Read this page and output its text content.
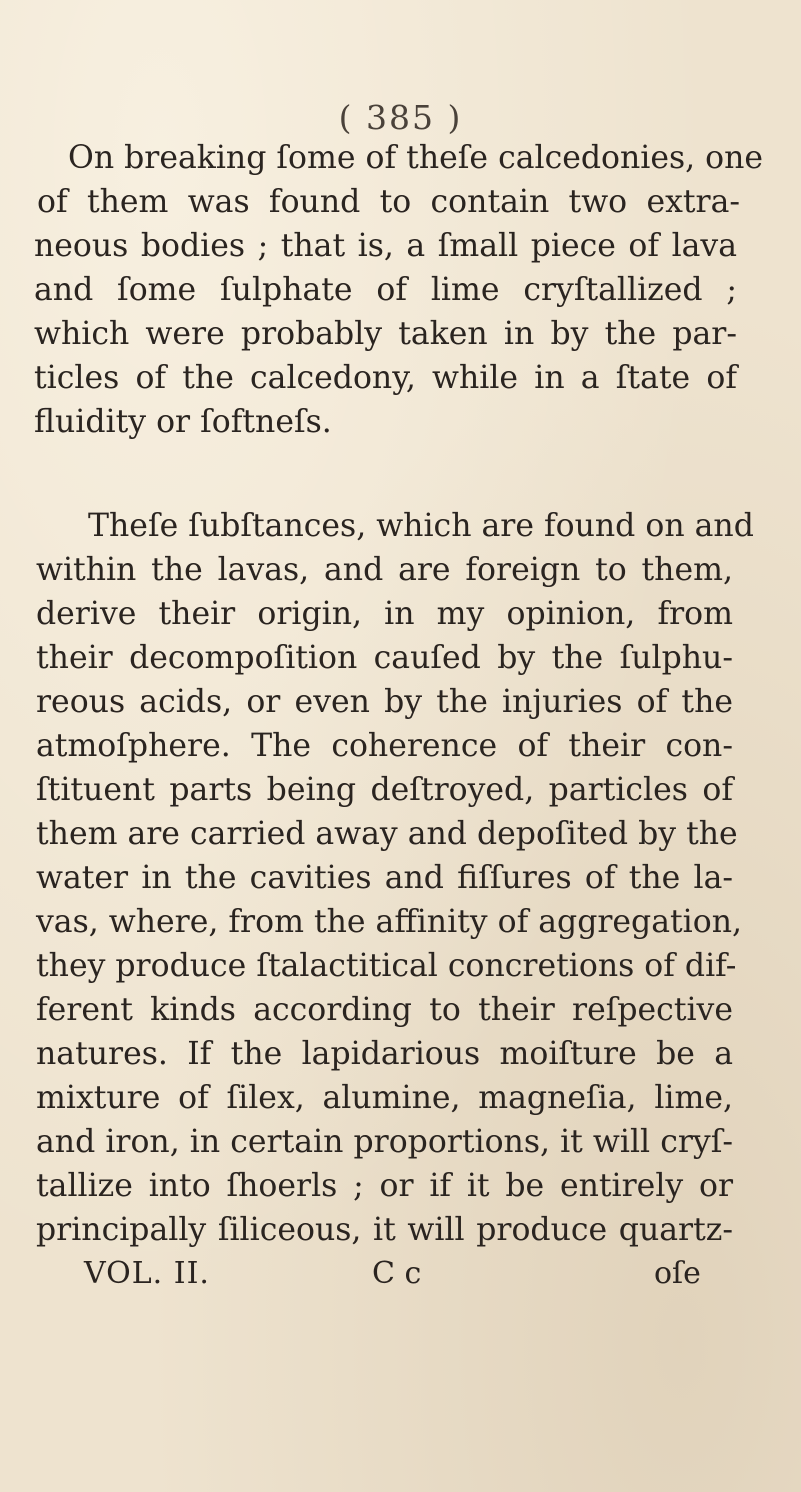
( 385 )
On breaking ſome of theſe calcedonies, one
of them was found to contain two extra-
neous bodies ; that is, a ſmall piece of lava
and ſome ſulphate of lime cryſtallized ;
which were probably taken in by the par-
ticles of the calcedony, while in a ſtate of
fluidity or ſoftneſs.
Theſe ſubſtances, which are found on and
within the lavas, and are foreign to them,
derive their origin, in my opinion, from
their decompoſition cauſed by the ſulphu-
reous acids, or even by the injuries of the
atmoſphere. The coherence of their con-
ſtituent parts being deſtroyed, particles of
them are carried away and depoſited by the
water in the cavities and fiſſures of the la-
vas, where, from the affinity of aggregation,
they produce ſtalactitical concretions of dif-
ferent kinds according to their reſpective
natures. If the lapidarious moiſture be a
mixture of ſilex, alumine, magneſia, lime,
and iron, in certain proportions, it will cryſ-
tallize into ſhoerls ; or if it be entirely or
principally ſiliceous, it will produce quartz-
VOL. II.	C c	oſe
